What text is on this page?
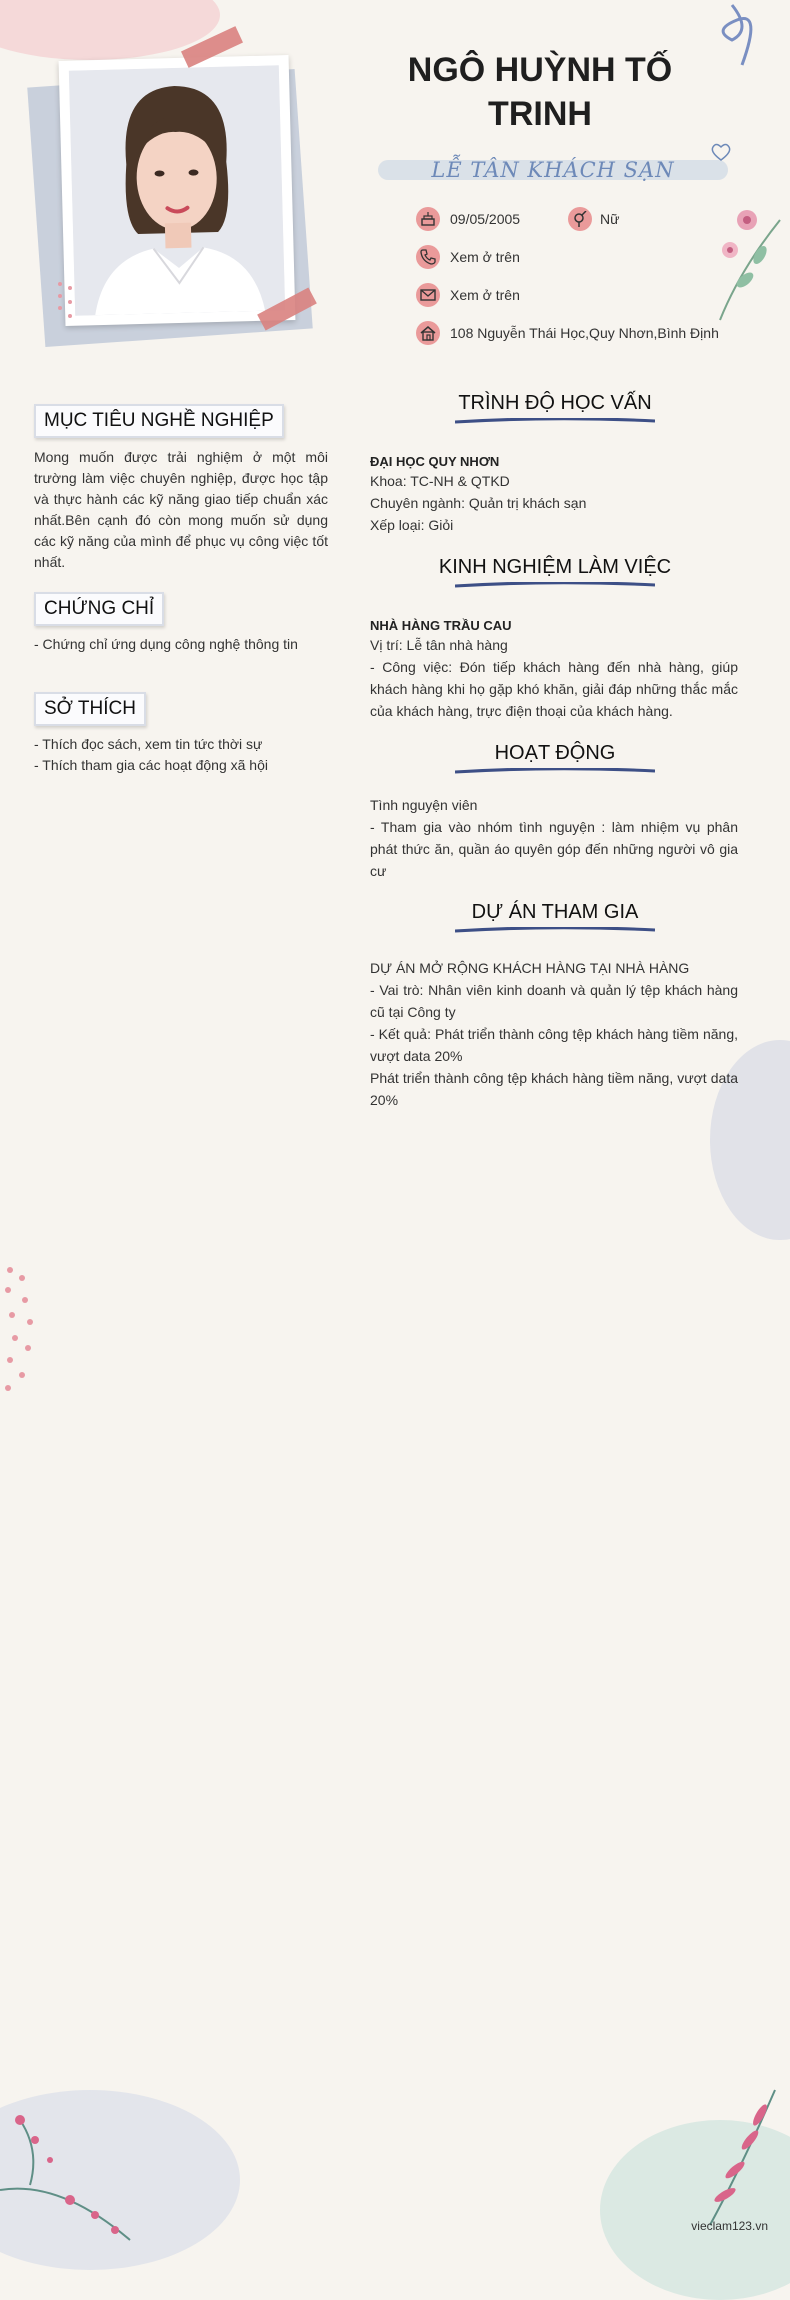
NGÔ HUỲNH TỐ TRINH
LỄ TÂN KHÁCH SẠN
09/05/2005	Nữ
Xem ở trên
Xem ở trên
108 Nguyễn Thái Học,Quy Nhơn,Bình Định
MỤC TIÊU NGHỀ NGHIỆP
Mong muốn được trải nghiệm ở một môi trường làm việc chuyên nghiệp, được học tập và thực hành các kỹ năng giao tiếp chuẩn xác nhất.Bên cạnh đó còn mong muốn sử dụng các kỹ năng của mình để phục vụ công việc tốt nhất.
CHỨNG CHỈ
- Chứng chỉ ứng dụng công nghệ thông tin
SỞ THÍCH
- Thích đọc sách, xem tin tức thời sự
- Thích tham gia các hoạt động xã hội
TRÌNH ĐỘ HỌC VẤN
ĐẠI HỌC QUY NHƠN
Khoa: TC-NH & QTKD
Chuyên ngành: Quản trị khách sạn
Xếp loại: Giỏi
KINH NGHIỆM LÀM VIỆC
NHÀ HÀNG TRẦU CAU
Vị trí: Lễ tân nhà hàng
- Công việc: Đón tiếp khách hàng đến nhà hàng, giúp khách hàng khi họ gặp khó khăn, giải đáp những thắc mắc của khách hàng, trực điện thoại của khách hàng.
HOẠT ĐỘNG
Tình nguyện viên
- Tham gia vào nhóm tình nguyện : làm nhiệm vụ phân phát thức ăn, quần áo quyên góp đến những người vô gia cư
DỰ ÁN THAM GIA
DỰ ÁN MỞ RỘNG KHÁCH HÀNG TẠI NHÀ HÀNG
- Vai trò: Nhân viên kinh doanh và quản lý tệp khách hàng cũ tại Công ty
- Kết quả: Phát triển thành công tệp khách hàng tiềm năng, vượt data 20%
Phát triển thành công tệp khách hàng tiềm năng, vượt data 20%
vieclam123.vn
